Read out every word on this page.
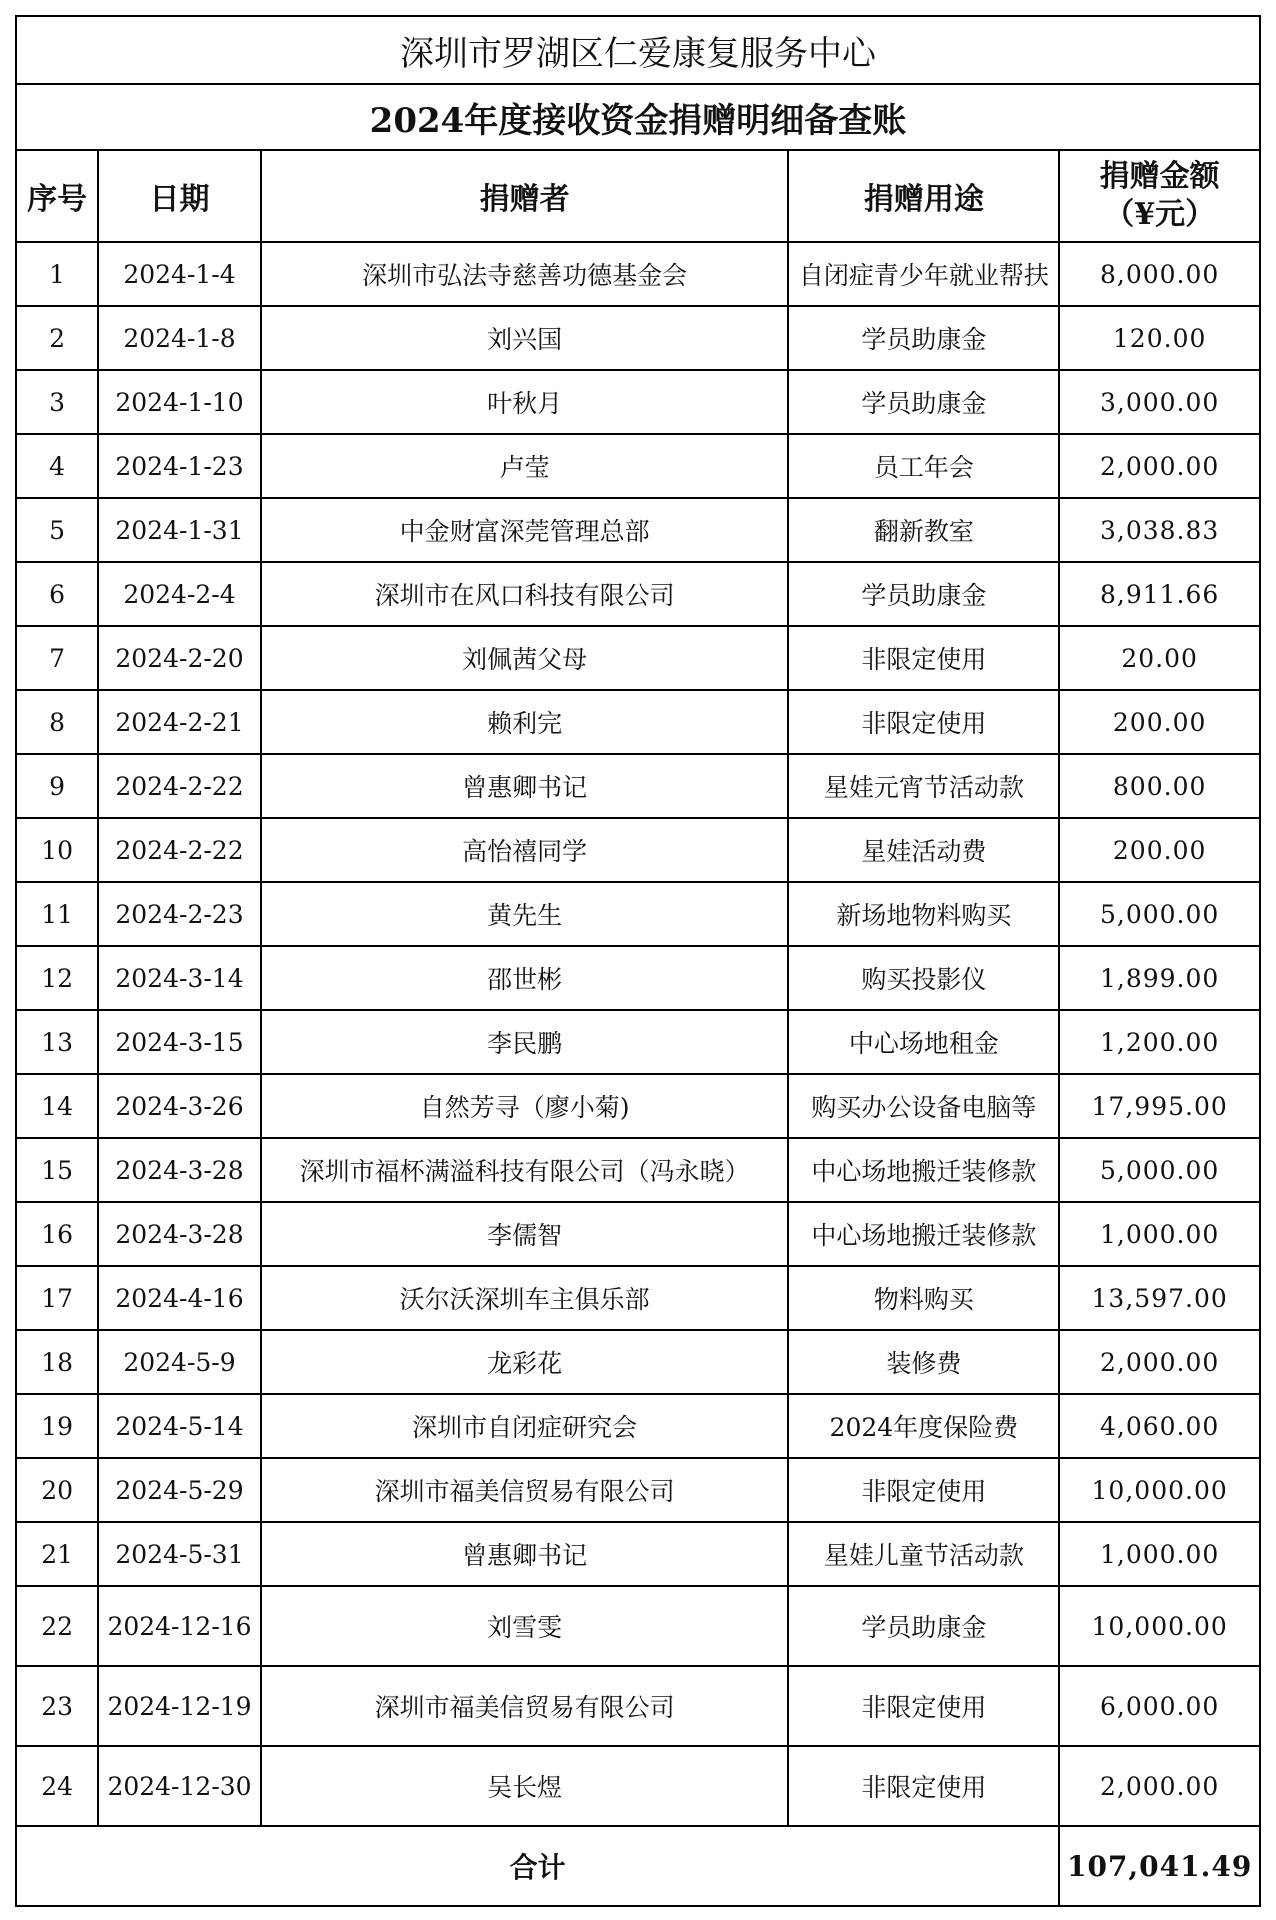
深圳市罗湖区仁爱康复服务中心				
2024年度接收资金捐赠明细备查账				
序号	日期	捐赠者	捐赠用途	捐赠金额
（¥元）

1	2024-1-4	深圳市弘法寺慈善功德基金会	自闭症青少年就业帮扶	8,000.00
2	2024-1-8	刘兴国	学员助康金	120.00
3	2024-1-10	叶秋月	学员助康金	3,000.00
4	2024-1-23	卢莹	员工年会	2,000.00
5	2024-1-31	中金财富深莞管理总部	翻新教室	3,038.83
6	2024-2-4	深圳市在风口科技有限公司	学员助康金	8,911.66
7	2024-2-20	刘佩茜父母	非限定使用	20.00
8	2024-2-21	赖利完	非限定使用	200.00
9	2024-2-22	曾惠卿书记	星娃元宵节活动款	800.00
10	2024-2-22	高怡禧同学	星娃活动费	200.00
11	2024-2-23	黄先生	新场地物料购买	5,000.00
12	2024-3-14	邵世彬	购买投影仪	1,899.00
13	2024-3-15	李民鹏	中心场地租金	1,200.00
14	2024-3-26	自然芳寻（廖小菊)	购买办公设备电脑等	17,995.00
15	2024-3-28	深圳市福杯满溢科技有限公司（冯永晓）	中心场地搬迁装修款	5,000.00
16	2024-3-28	李儒智	中心场地搬迁装修款	1,000.00
17	2024-4-16	沃尔沃深圳车主俱乐部	物料购买	13,597.00
18	2024-5-9	龙彩花	装修费	2,000.00
19	2024-5-14	深圳市自闭症研究会	2024年度保险费	4,060.00
20	2024-5-29	深圳市福美信贸易有限公司	非限定使用	10,000.00
21	2024-5-31	曾惠卿书记	星娃儿童节活动款	1,000.00
22	2024-12-16	刘雪雯	学员助康金	10,000.00
23	2024-12-19	深圳市福美信贸易有限公司	非限定使用	6,000.00
24	2024-12-30	吴长煜	非限定使用	2,000.00
合计				107,041.49
